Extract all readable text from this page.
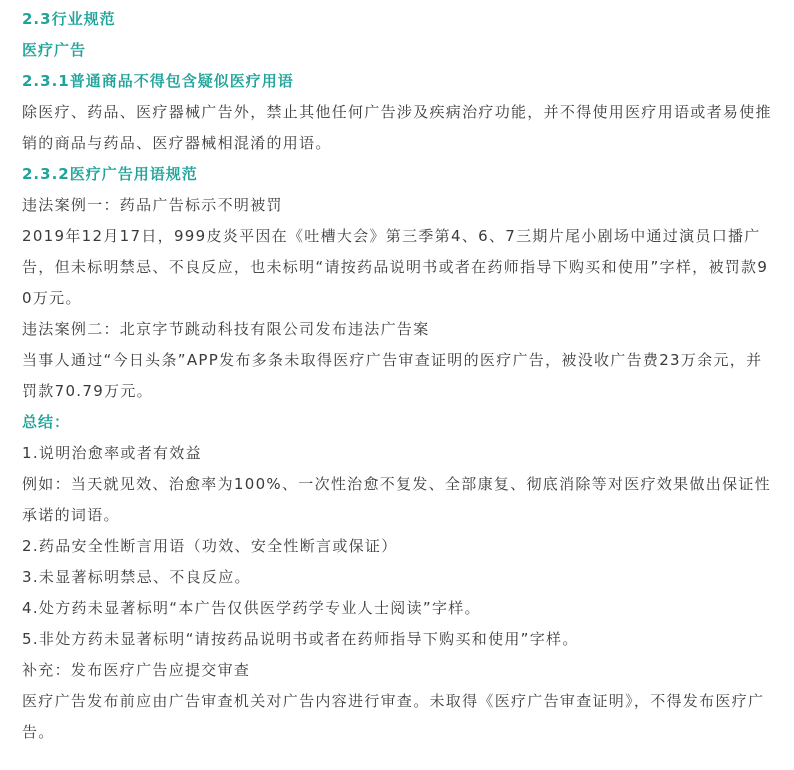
2.3行业规范

医疗广告

2.3.1普通商品不得包含疑似医疗用语

除医疗、药品、医疗器械广告外，禁止其他任何广告涉及疾病治疗功能，并不得使用医疗用语或者易使推销的商品与药品、医疗器械相混淆的用语。

2.3.2医疗广告用语规范

违法案例一：药品广告标示不明被罚

2019年12月17日，999皮炎平因在《吐槽大会》第三季第4、6、7三期片尾小剧场中通过演员口播广告，但未标明禁忌、不良反应，也未标明“请按药品说明书或者在药师指导下购买和使用”字样，被罚款90万元。

违法案例二：北京字节跳动科技有限公司发布违法广告案

当事人通过“今日头条”APP发布多条未取得医疗广告审查证明的医疗广告，被没收广告费23万余元，并罚款70.79万元。

总结：

1.说明治愈率或者有效益

例如：当天就见效、治愈率为100%、一次性治愈不复发、全部康复、彻底消除等对医疗效果做出保证性承诺的词语。

2.药品安全性断言用语（功效、安全性断言或保证）

3.未显著标明禁忌、不良反应。

4.处方药未显著标明“本广告仅供医学药学专业人士阅读”字样。

5.非处方药未显著标明“请按药品说明书或者在药师指导下购买和使用”字样。

补充：发布医疗广告应提交审查

医疗广告发布前应由广告审查机关对广告内容进行审查。未取得《医疗广告审查证明》，不得发布医疗广告。
